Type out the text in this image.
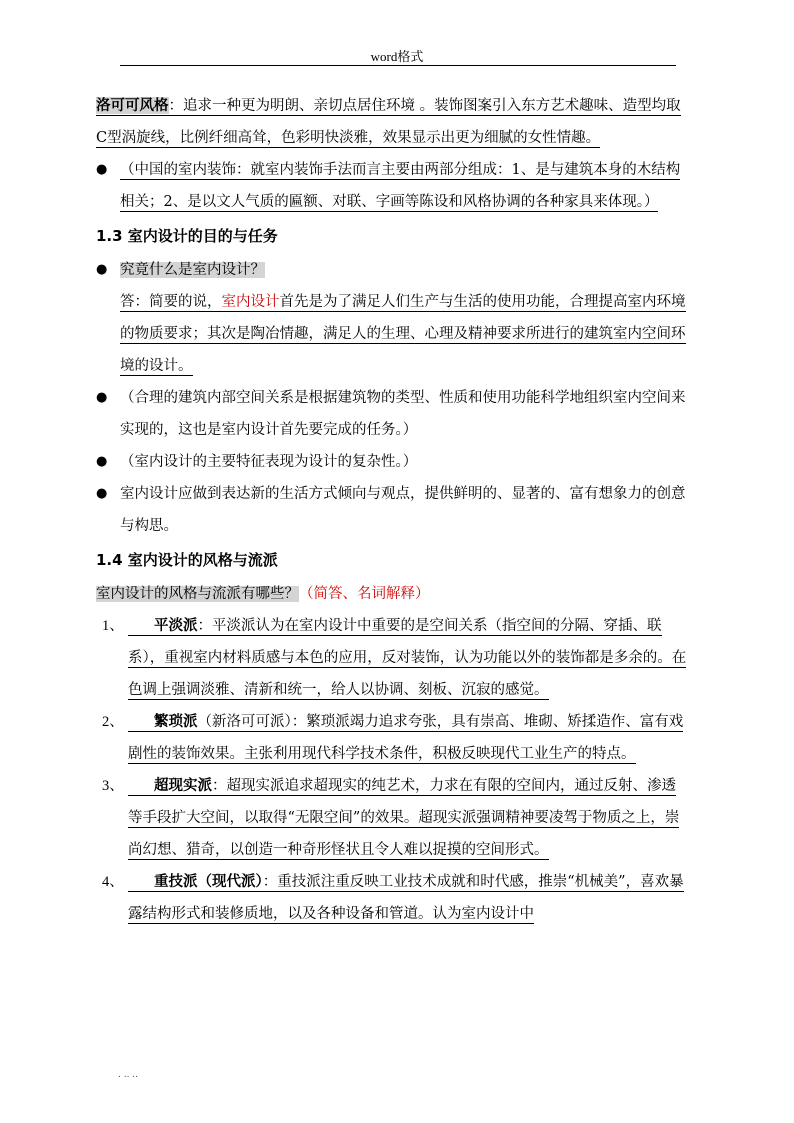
word格式
洛可可风格：追求一种更为明朗、亲切点居住环境 。装饰图案引入东方艺术趣味、造型均取C型涡旋线，比例纤细高耸，色彩明快淡雅，效果显示出更为细腻的女性情趣。
● （中国的室内装饰：就室内装饰手法而言主要由两部分组成：1、是与建筑本身的木结构相关；2、是以文人气质的匾额、对联、字画等陈设和风格协调的各种家具来体现。）
1.3 室内设计的目的与任务
● 究竟什么是室内设计？
答：简要的说，室内设计首先是为了满足人们生产与生活的使用功能，合理提高室内环境的物质要求；其次是陶冶情趣，满足人的生理、心理及精神要求所进行的建筑室内空间环境的设计。
● （合理的建筑内部空间关系是根据建筑物的类型、性质和使用功能科学地组织室内空间来实现的，这也是室内设计首先要完成的任务。）
● （室内设计的主要特征表现为设计的复杂性。）
● 室内设计应做到表达新的生活方式倾向与观点，提供鲜明的、显著的、富有想象力的创意与构思。
1.4 室内设计的风格与流派
室内设计的风格与流派有哪些？（简答、名词解释）
1、 平淡派：平淡派认为在室内设计中重要的是空间关系（指空间的分隔、穿插、联系），重视室内材料质感与本色的应用，反对装饰，认为功能以外的装饰都是多余的。在色调上强调淡雅、清新和统一，给人以协调、刻板、沉寂的感觉。
2、 繁琐派（新洛可可派）：繁琐派竭力追求夸张，具有崇高、堆砌、矫揉造作、富有戏剧性的装饰效果。主张利用现代科学技术条件，积极反映现代工业生产的特点。
3、 超现实派：超现实派追求超现实的纯艺术，力求在有限的空间内，通过反射、渗透等手段扩大空间，以取得“无限空间”的效果。超现实派强调精神要凌驾于物质之上，崇尚幻想、猎奇，以创造一种奇形怪状且令人难以捉摸的空间形式。
4、 重技派（现代派）：重技派注重反映工业技术成就和时代感，推崇“机械美”，喜欢暴露结构形式和装修质地，以及各种设备和管道。认为室内设计中
. .. ..
